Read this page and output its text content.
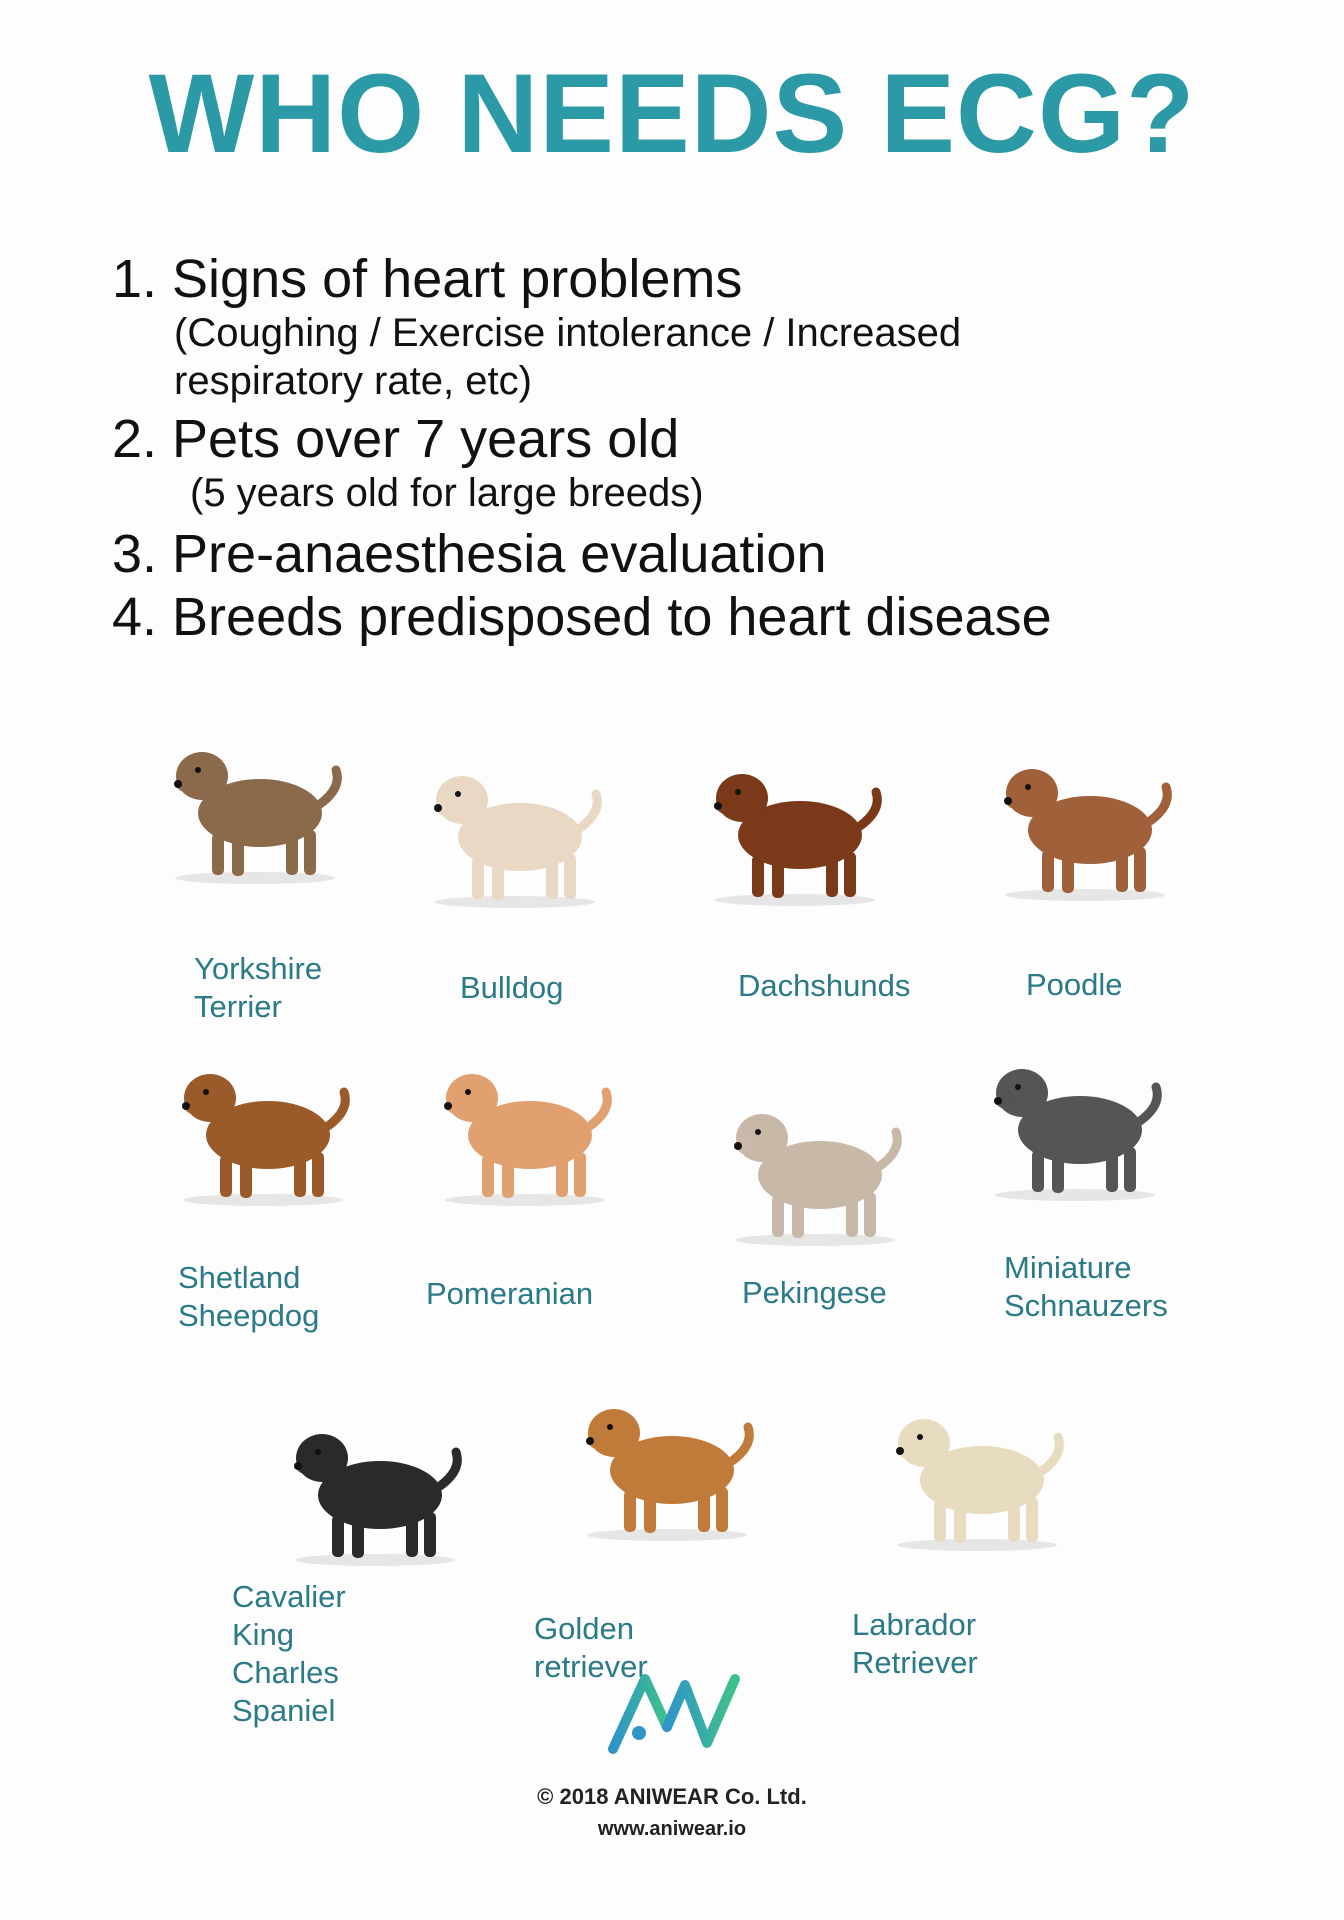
WHO NEEDS ECG?
1. Signs of heart problems
(Coughing / Exercise intolerance / Increased respiratory rate, etc)
2. Pets over 7 years old
(5 years old for large breeds)
3. Pre-anaesthesia evaluation
4. Breeds predisposed to heart disease
Yorkshire
Terrier
Bulldog	Dachshunds	Poodle
Shetland
Sheepdog
Pomeranian	Pekingese
Miniature
Schnauzers
Cavalier King
Charles Spaniel
Golden retriever
Labrador Retriever
© 2018 ANIWEAR Co. Ltd.
www.aniwear.io
